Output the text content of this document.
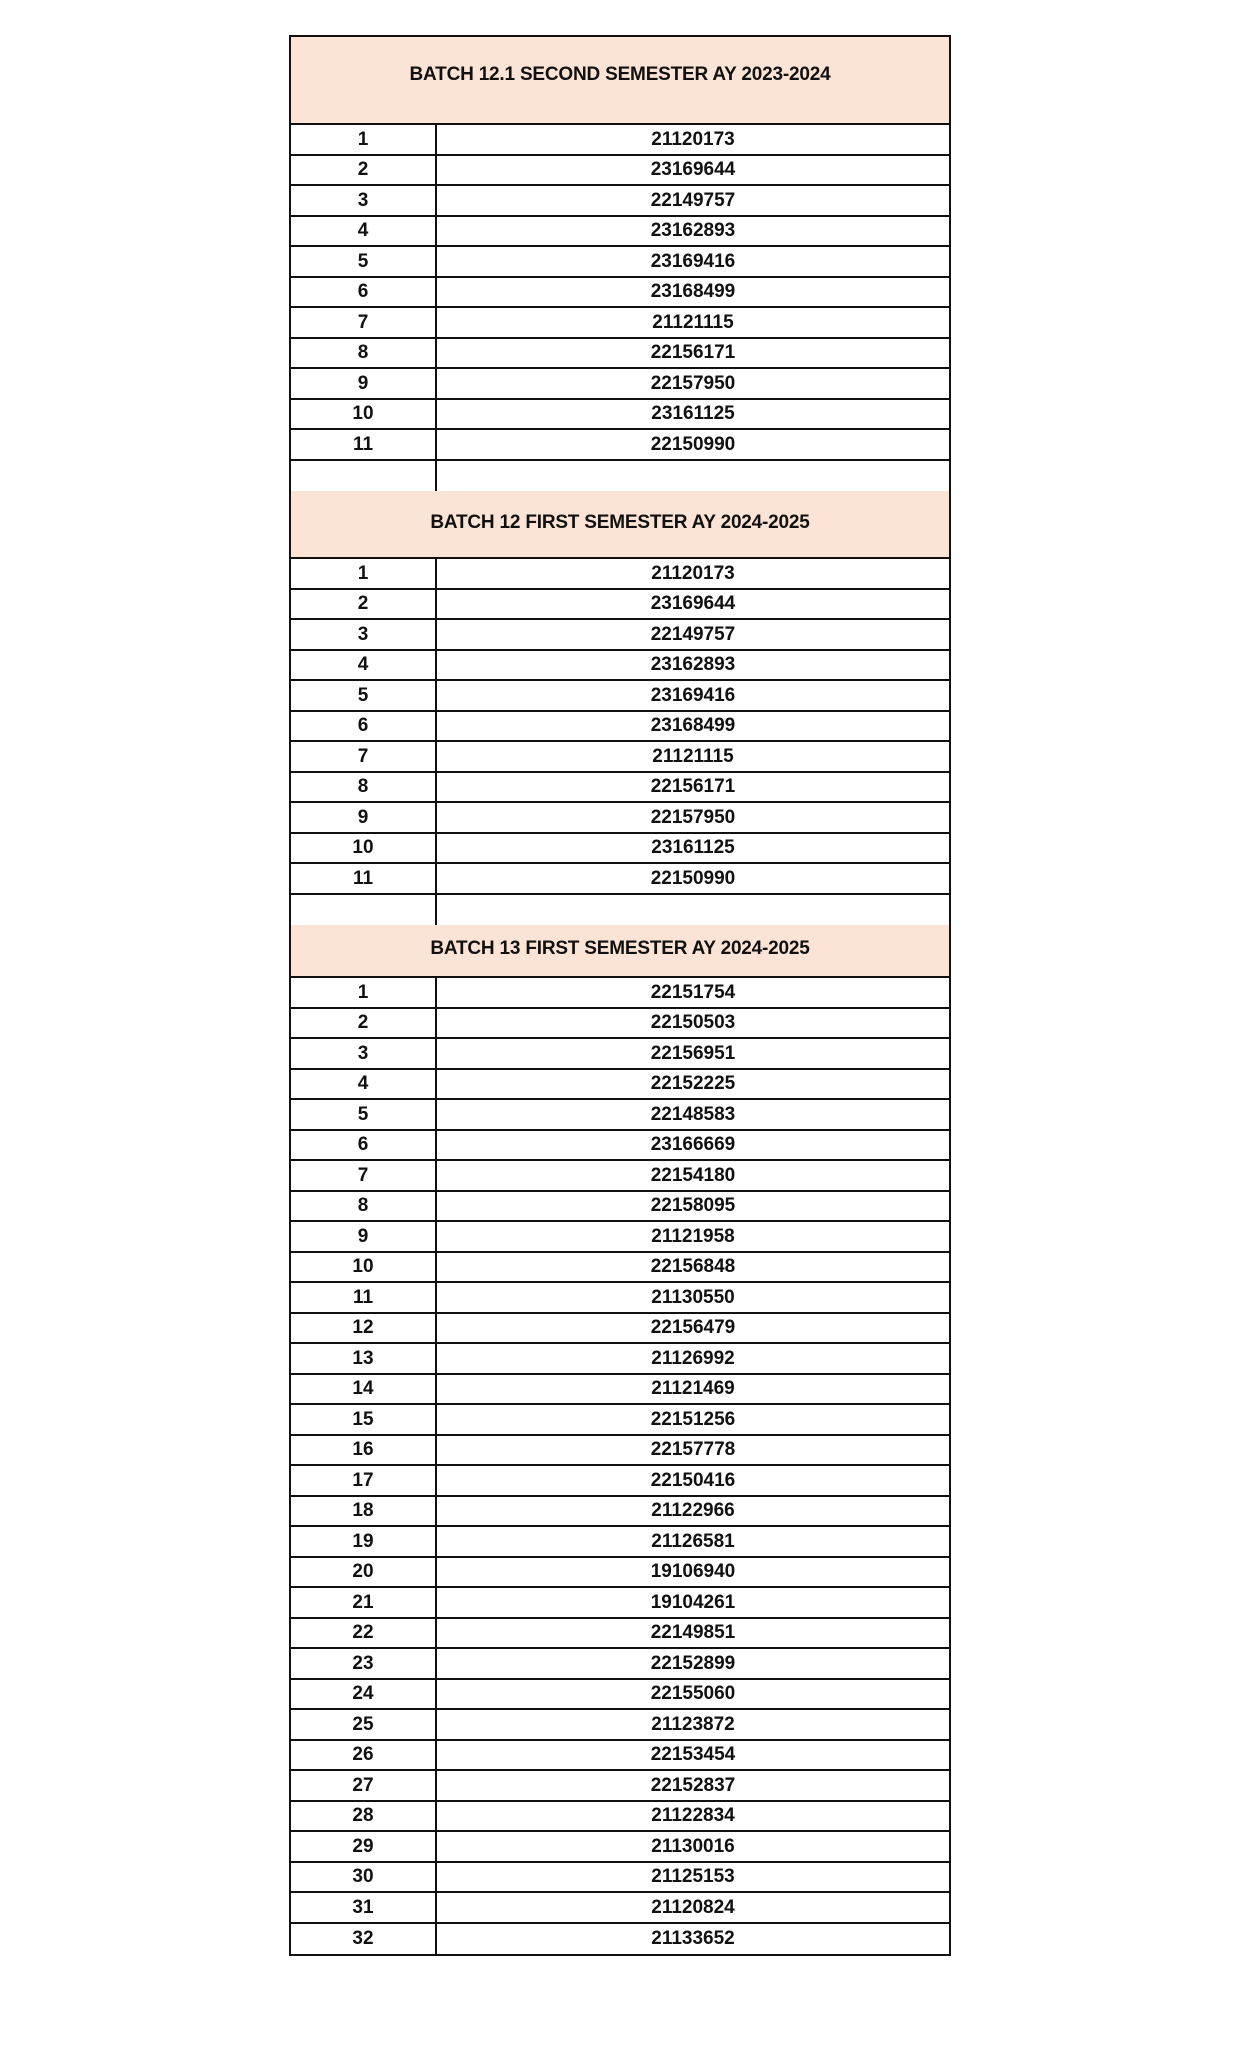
BATCH 12.1 SECOND SEMESTER AY 2023-2024
1	21120173
2	23169644
3	22149757
4	23162893
5	23169416
6	23168499
7	21121115
8	22156171
9	22157950
10	23161125
11	22150990
BATCH 12 FIRST SEMESTER AY 2024-2025
1	21120173
2	23169644
3	22149757
4	23162893
5	23169416
6	23168499
7	21121115
8	22156171
9	22157950
10	23161125
11	22150990
BATCH 13 FIRST SEMESTER AY 2024-2025
1	22151754
2	22150503
3	22156951
4	22152225
5	22148583
6	23166669
7	22154180
8	22158095
9	21121958
10	22156848
11	21130550
12	22156479
13	21126992
14	21121469
15	22151256
16	22157778
17	22150416
18	21122966
19	21126581
20	19106940
21	19104261
22	22149851
23	22152899
24	22155060
25	21123872
26	22153454
27	22152837
28	21122834
29	21130016
30	21125153
31	21120824
32	21133652
